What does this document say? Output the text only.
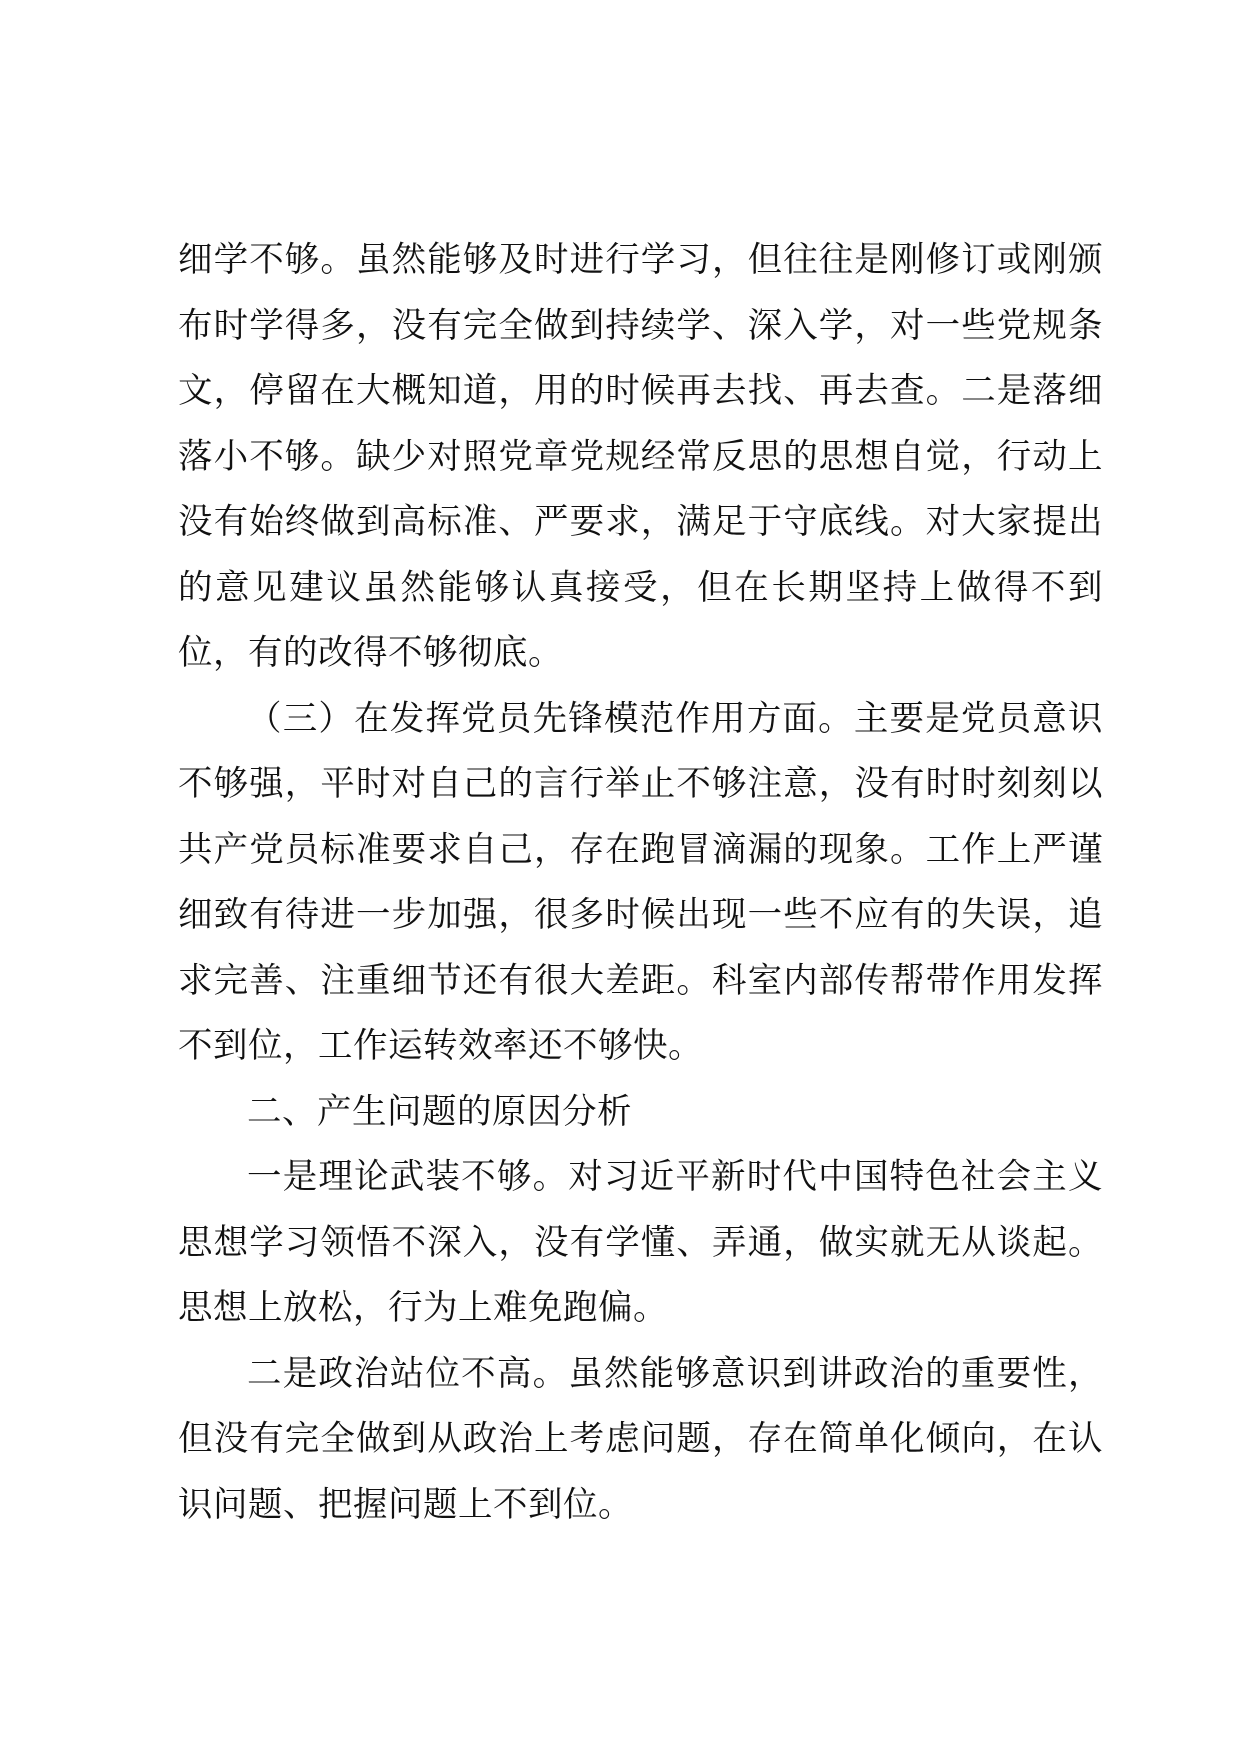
细学不够。虽然能够及时进行学习，但往往是刚修订或刚颁布时学得多，没有完全做到持续学、深入学，对一些党规条文，停留在大概知道，用的时候再去找、再去查。二是落细落小不够。缺少对照党章党规经常反思的思想自觉，行动上没有始终做到高标准、严要求，满足于守底线。对大家提出的意见建议虽然能够认真接受，但在长期坚持上做得不到位，有的改得不够彻底。

（三）在发挥党员先锋模范作用方面。主要是党员意识不够强，平时对自己的言行举止不够注意，没有时时刻刻以共产党员标准要求自己，存在跑冒滴漏的现象。工作上严谨细致有待进一步加强，很多时候出现一些不应有的失误，追求完善、注重细节还有很大差距。科室内部传帮带作用发挥不到位，工作运转效率还不够快。

二、产生问题的原因分析

一是理论武装不够。对习近平新时代中国特色社会主义思想学习领悟不深入，没有学懂、弄通，做实就无从谈起。思想上放松，行为上难免跑偏。

二是政治站位不高。虽然能够意识到讲政治的重要性，但没有完全做到从政治上考虑问题，存在简单化倾向，在认识问题、把握问题上不到位。
